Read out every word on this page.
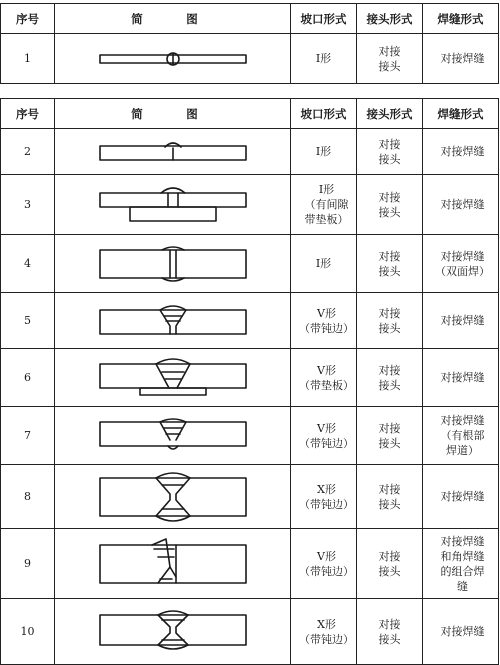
序号	简　图	坡口形式	接头形式	焊缝形式
1		I形	对接
接头	对接焊缝
序号	简　图	坡口形式	接头形式	焊缝形式
2		I形	对接
接头	对接焊缝
3		I形
（有间隙
带垫板）	对接
接头	对接焊缝
4		I形	对接
接头	对接焊缝
（双面焊）
5		V形
（带钝边）	对接
接头	对接焊缝
6		V形
（带垫板）	对接
接头	对接焊缝
7		V形
（带钝边）	对接
接头	对接焊缝
（有根部
焊道）
8		X形
（带钝边）	对接
接头	对接焊缝
9		V形
（带钝边）	对接
接头	对接焊缝
和角焊缝
的组合焊
缝
10		X形
（带钝边）	对接
接头	对接焊缝
